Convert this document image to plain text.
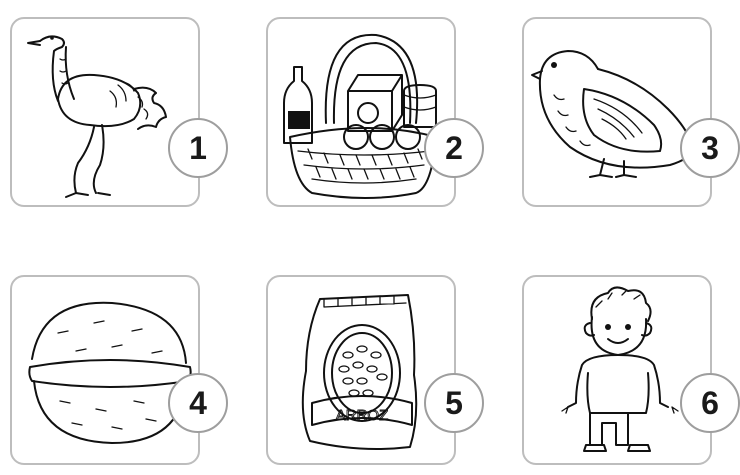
1	2	3
4	ARROZ	5	6
